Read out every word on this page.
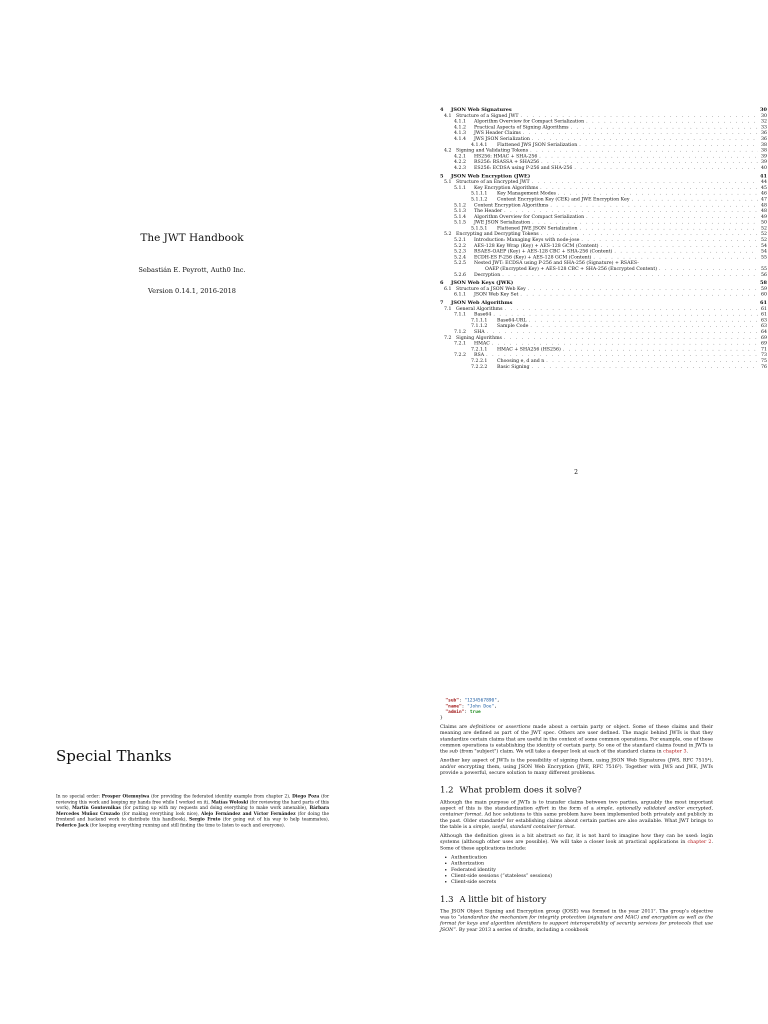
The JWT Handbook
Sebastián E. Peyrott, Auth0 Inc.
Version 0.14.1, 2016-2018
4 JSON Web Signatures	30
4.1 Structure of a Signed JWT . . .	30
4.1.1 Algorithm Overview for Compact Serialization . . .	32
4.1.2 Practical Aspects of Signing Algorithms . . .	33
4.1.3 JWS Header Claims . . .	36
4.1.4 JWS JSON Serialization . . .	36
4.1.4.1	Flattened JWS JSON Serialization . . .	38
4.2 Signing and Validating Tokens . . .	38
4.2.1 HS256: HMAC + SHA-256 . . .	39
4.2.2 RS256: RSASSA + SHA256 . . .	39
4.2.3 ES256: ECDSA using P-256 and SHA-256 . . .	40
5 JSON Web Encryption (JWE)	41
5.1 Structure of an Encrypted JWT . . .	44
5.1.1 Key Encryption Algorithms . . .	45
5.1.1.1	Key Management Modes . . .	46
5.1.1.2	Content Encryption Key (CEK) and JWE Encryption Key . . .	47
5.1.2 Content Encryption Algorithms . . .	48
5.1.3 The Header . . .	48
5.1.4 Algorithm Overview for Compact Serialization . . .	49
5.1.5 JWE JSON Serialization . . .	50
5.1.5.1	Flattened JWE JSON Serialization . . .	52
5.2 Encrypting and Decrypting Tokens . . .	52
5.2.1 Introduction: Managing Keys with node-jose . . .	52
5.2.2 AES-128 Key Wrap (Key) + AES-128 GCM (Content) . . .	54
5.2.3 RSAES-OAEP (Key) + AES-128 CBC + SHA-256 (Content) . . .	54
5.2.4 ECDH-ES P-256 (Key) + AES-128 GCM (Content) . . .	55
5.2.5 Nested JWT: ECDSA using P-256 and SHA-256 (Signature) + RSAES-
OAEP (Encrypted Key) + AES-128 CBC + SHA-256 (Encrypted Content) . . .	55
5.2.6 Decryption . . .	56
6 JSON Web Keys (JWK)	58
6.1 Structure of a JSON Web Key . . .	59
6.1.1 JSON Web Key Set . . .	60
7 JSON Web Algorithms	61
7.1 General Algorithms . . .	61
7.1.1 Base64 . . .	61
7.1.1.1	Base64-URL . . .	63
7.1.1.2	Sample Code . . .	63
7.1.2 SHA . . .	64
7.2 Signing Algorithms . . .	69
7.2.1 HMAC . . .	69
7.2.1.1	HMAC + SHA256 (HS256) . . .	71
7.2.2 RSA . . .	73
7.2.2.1	Choosing e, d and n . . .	75
7.2.2.2	Basic Signing . . .	76
2
Special Thanks
In no special order: Prosper Otemuyiwa (for providing the federated identity example from chapter 2), Diego Poza (for reviewing this work and keeping my hands free while I worked on it), Matías Woloski (for reviewing the hard parts of this work), Martín Gontovnikas (for putting up with my requests and doing everything to make work amenable), Bárbara Mercedes Muñoz Cruzado (for making everything look nice), Alejo Fernández and Víctor Fernández (for doing the frontend and backend work to distribute this handbook), Sergio Fruto (for going out of his way to help teammates), Federico Jack (for keeping everything running and still finding the time to listen to each and everyone).
"sub": "1234567890",
"name": "John Doe",
"admin": true
}

Claims are definitions or assertions made about a certain party or object. Some of these claims and their meaning are defined as part of the JWT spec. Others are user defined. The magic behind JWTs is that they standardize certain claims that are useful in the context of some common operations. For example, one of these common operations is establishing the identity of certain party. So one of the standard claims found in JWTs is the sub (from "subject") claim. We will take a deeper look at each of the standard claims in chapter 3.

Another key aspect of JWTs is the possibility of signing them, using JSON Web Signatures (JWS, RFC 7515⁴), and/or encrypting them, using JSON Web Encryption (JWE, RFC 7516⁵). Together with JWS and JWE, JWTs provide a powerful, secure solution to many different problems.

1.2 What problem does it solve?

Although the main purpose of JWTs is to transfer claims between two parties, arguably the most important aspect of this is the standardization effort in the form of a simple, optionally validated and/or encrypted, container format. Ad hoc solutions to this same problem have been implemented both privately and publicly in the past. Older standards⁶ for establishing claims about certain parties are also available. What JWT brings to the table is a simple, useful, standard container format.

Although the definition given is a bit abstract so far, it is not hard to imagine how they can be used: login systems (although other uses are possible). We will take a closer look at practical applications in chapter 2. Some of these applications include:

• Authentication
• Authorization
• Federated identity
• Client-side sessions (“stateless” sessions)
• Client-side secrets
1.3 A little bit of history

The JSON Object Signing and Encryption group (JOSE) was formed in the year 2011⁷. The group’s objective was to “standardize the mechanism for integrity protection (signature and MAC) and encryption as well as the format for keys and algorithm identifiers to support interoperability of security services for protocols that use JSON”. By year 2013 a series of drafts, including a cookbook
